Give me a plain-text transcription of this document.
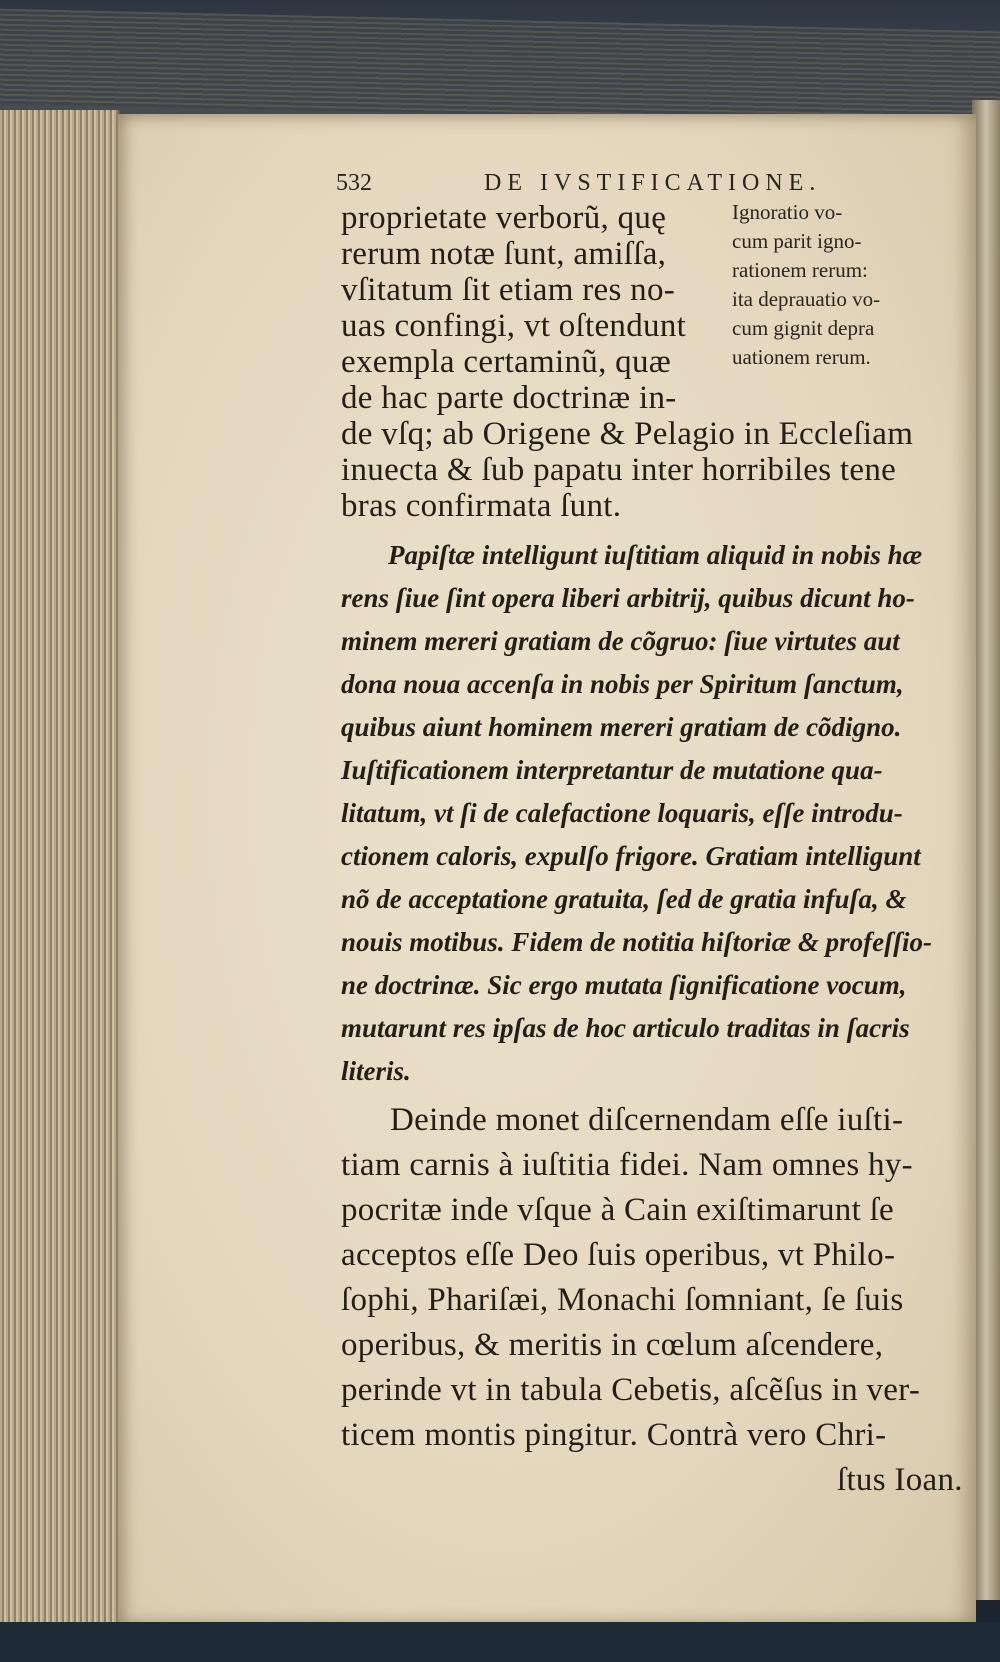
532	DE IVSTIFICATIONE.
Ignoratio vo-
cum parit igno-
rationem rerum:
ita deprauatio vo-
cum gignit depra
uationem rerum.
proprietate verborũ, quę
rerum notæ ſunt, amiſſa,
vſitatum ſit etiam res no-
uas confingi, vt oſtendunt
exempla certaminũ, quæ
de hac parte doctrinæ in-
de vſq; ab Origene & Pelagio in Eccleſiam
inuecta & ſub papatu inter horribiles tene
bras confirmata ſunt.
Papiſtæ intelligunt iuſtitiam aliquid in nobis hæ
rens ſiue ſint opera liberi arbitrij, quibus dicunt ho-
minem mereri gratiam de cõgruo: ſiue virtutes aut
dona noua accenſa in nobis per Spiritum ſanctum,
quibus aiunt hominem mereri gratiam de cõdigno.
Iuſtificationem interpretantur de mutatione qua-
litatum, vt ſi de calefactione loquaris, eſſe introdu-
ctionem caloris, expulſo frigore. Gratiam intelligunt
nõ de acceptatione gratuita, ſed de gratia infuſa, &
nouis motibus. Fidem de notitia hiſtoriæ & profeſſio-
ne doctrinæ. Sic ergo mutata ſignificatione vocum,
mutarunt res ipſas de hoc articulo traditas in ſacris
literis.
Deinde monet diſcernendam eſſe iuſti-
tiam carnis à iuſtitia fidei. Nam omnes hy-
pocritæ inde vſque à Cain exiſtimarunt ſe
acceptos eſſe Deo ſuis operibus, vt Philo-
ſophi, Phariſæi, Monachi ſomniant, ſe ſuis
operibus, & meritis in cœlum aſcendere,
perinde vt in tabula Cebetis, aſcẽſus in ver-
ticem montis pingitur. Contrà vero Chri-
ſtus Ioan.
